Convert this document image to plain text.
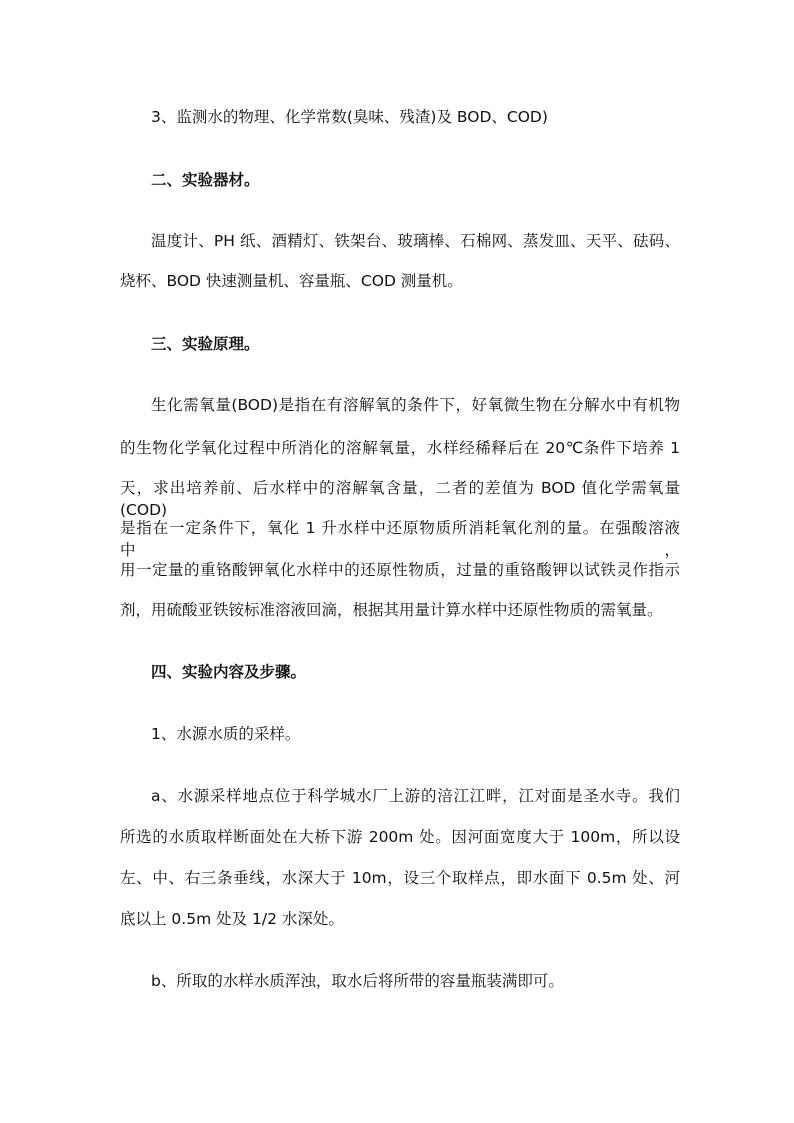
3、监测水的物理、化学常数(臭味、残渣)及 BOD、COD)
二、实验器材。
温度计、PH 纸、酒精灯、铁架台、玻璃棒、石棉网、蒸发皿、天平、砝码、
烧杯、BOD 快速测量机、容量瓶、COD 测量机。
三、实验原理。
生化需氧量(BOD)是指在有溶解氧的条件下，好氧微生物在分解水中有机物
的生物化学氧化过程中所消化的溶解氧量，水样经稀释后在 20℃条件下培养 1
天，求出培养前、后水样中的溶解氧含量，二者的差值为 BOD 值化学需氧量(COD)
是指在一定条件下，氧化 1 升水样中还原物质所消耗氧化剂的量。在强酸溶液中，
用一定量的重铬酸钾氧化水样中的还原性物质，过量的重铬酸钾以试铁灵作指示
剂，用硫酸亚铁铵标准溶液回滴，根据其用量计算水样中还原性物质的需氧量。
四、实验内容及步骤。
1、水源水质的采样。
a、水源采样地点位于科学城水厂上游的涪江江畔，江对面是圣水寺。我们
所选的水质取样断面处在大桥下游 200m 处。因河面宽度大于 100m，所以设
左、中、右三条垂线，水深大于 10m，设三个取样点，即水面下 0.5m 处、河
底以上 0.5m 处及 1/2 水深处。
b、所取的水样水质浑浊，取水后将所带的容量瓶装满即可。
